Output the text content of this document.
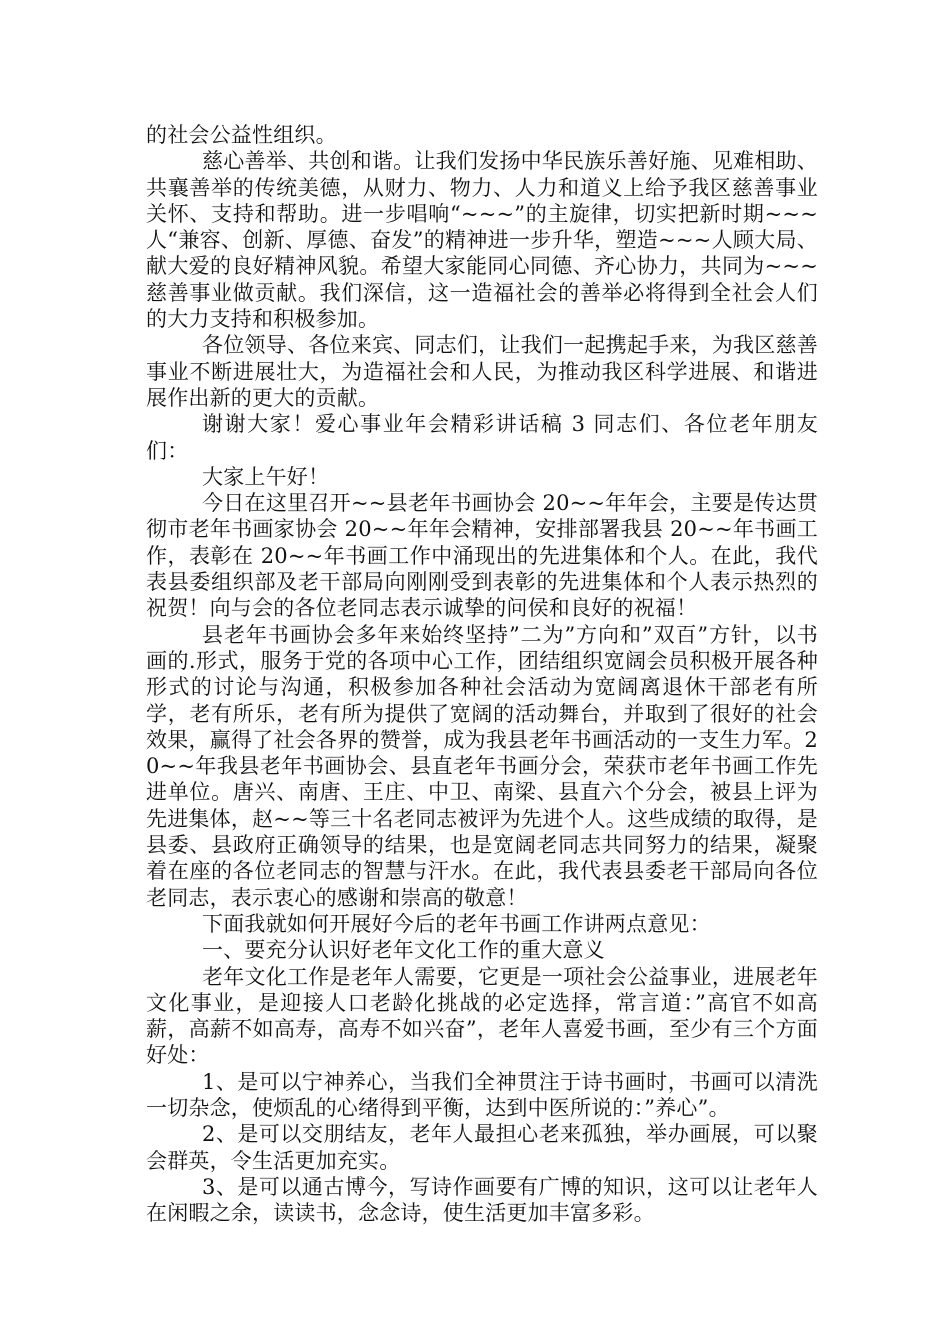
的社会公益性组织。

慈心善举、共创和谐。让我们发扬中华民族乐善好施、见难相助、共襄善举的传统美德，从财力、物力、人力和道义上给予我区慈善事业关怀、支持和帮助。进一步唱响“~~~”的主旋律，切实把新时期~~~人“兼容、创新、厚德、奋发”的精神进一步升华，塑造~~~人顾大局、献大爱的良好精神风貌。希望大家能同心同德、齐心协力，共同为~~~慈善事业做贡献。我们深信，这一造福社会的善举必将得到全社会人们的大力支持和积极参加。

各位领导、各位来宾、同志们，让我们一起携起手来，为我区慈善事业不断进展壮大，为造福社会和人民，为推动我区科学进展、和谐进展作出新的更大的贡献。

谢谢大家！爱心事业年会精彩讲话稿 3 同志们、各位老年朋友们：

大家上午好！

今日在这里召开~~县老年书画协会 20~~年年会，主要是传达贯彻市老年书画家协会 20~~年年会精神，安排部署我县 20~~年书画工作，表彰在 20~~年书画工作中涌现出的先进集体和个人。在此，我代表县委组织部及老干部局向刚刚受到表彰的先进集体和个人表示热烈的祝贺！向与会的各位老同志表示诚挚的问侯和良好的祝福！

县老年书画协会多年来始终坚持”二为”方向和”双百”方针，以书画的.形式，服务于党的各项中心工作，团结组织宽阔会员积极开展各种形式的讨论与沟通，积极参加各种社会活动为宽阔离退休干部老有所学，老有所乐，老有所为提供了宽阔的活动舞台，并取到了很好的社会效果，赢得了社会各界的赞誉，成为我县老年书画活动的一支生力军。20~~年我县老年书画协会、县直老年书画分会，荣获市老年书画工作先进单位。唐兴、南唐、王庄、中卫、南梁、县直六个分会，被县上评为先进集体，赵~~等三十名老同志被评为先进个人。这些成绩的取得，是县委、县政府正确领导的结果，也是宽阔老同志共同努力的结果，凝聚着在座的各位老同志的智慧与汗水。在此，我代表县委老干部局向各位老同志，表示衷心的感谢和崇高的敬意！

下面我就如何开展好今后的老年书画工作讲两点意见：

一、要充分认识好老年文化工作的重大意义

老年文化工作是老年人需要，它更是一项社会公益事业，进展老年文化事业，是迎接人口老龄化挑战的必定选择，常言道：”高官不如高薪，高薪不如高寿，高寿不如兴奋”，老年人喜爱书画，至少有三个方面好处：

1、是可以宁神养心，当我们全神贯注于诗书画时，书画可以清洗一切杂念，使烦乱的心绪得到平衡，达到中医所说的：”养心”。

2、是可以交朋结友，老年人最担心老来孤独，举办画展，可以聚会群英，令生活更加充实。

3、是可以通古博今，写诗作画要有广博的知识，这可以让老年人在闲暇之余，读读书，念念诗，使生活更加丰富多彩。
